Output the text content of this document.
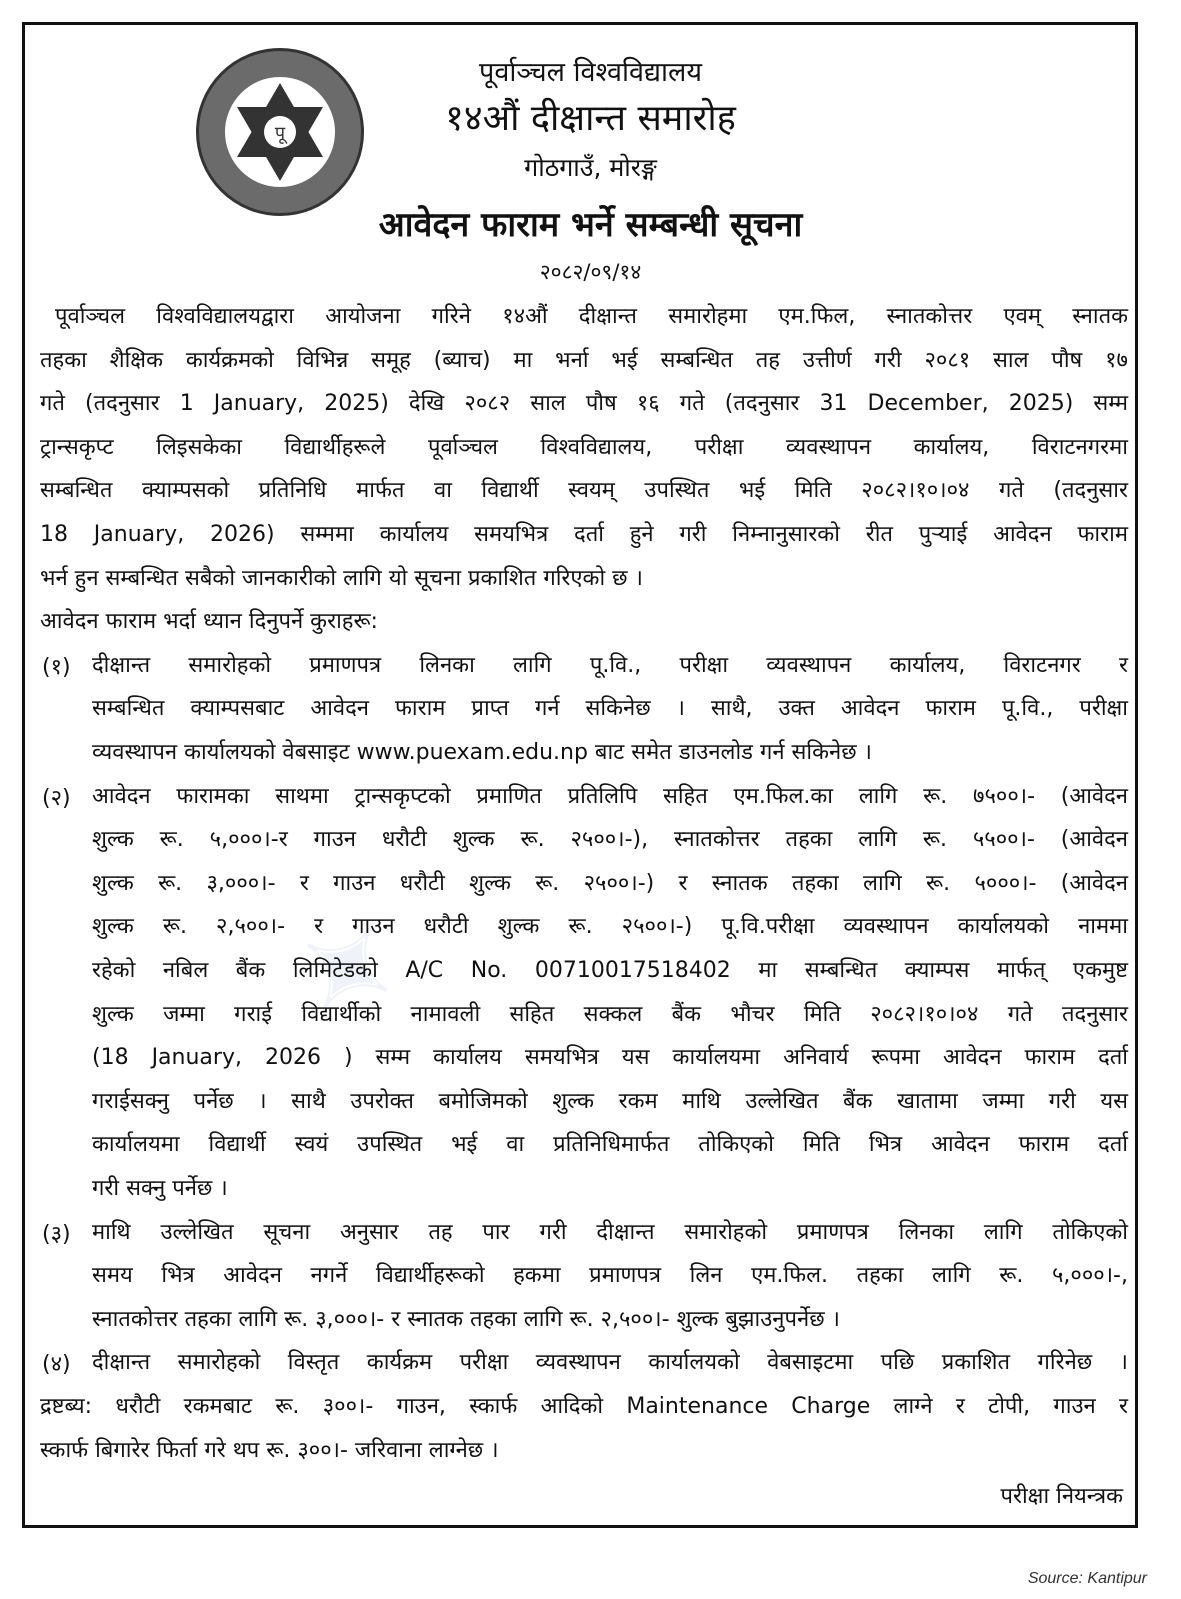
✦
पू
पूर्वाञ्चल विश्वविद्यालय
१४औं दीक्षान्त समारोह
गोठगाउँ, मोरङ्ग
आवेदन फाराम भर्ने सम्बन्धी सूचना
२०८२/०९/१४
पूर्वाञ्चल विश्वविद्यालयद्वारा आयोजना गरिने १४औं दीक्षान्त समारोहमा एम.फिल, स्नातकोत्तर एवम् स्नातक
तहका शैक्षिक कार्यक्रमको विभिन्न समूह (ब्याच) मा भर्ना भई सम्बन्धित तह उत्तीर्ण गरी २०८१ साल पौष १७
गते (तदनुसार 1 January, 2025) देखि २०८२ साल पौष १६ गते (तदनुसार 31 December, 2025) सम्म
ट्रान्सकृप्ट लिइसकेका विद्यार्थीहरूले पूर्वाञ्चल विश्वविद्यालय, परीक्षा व्यवस्थापन कार्यालय, विराटनगरमा
सम्बन्धित क्याम्पसको प्रतिनिधि मार्फत वा विद्यार्थी स्वयम् उपस्थित भई मिति २०८२।१०।०४ गते (तदनुसार
18 January, 2026) सम्ममा कार्यालय समयभित्र दर्ता हुने गरी निम्नानुसारको रीत पुर्‍याई आवेदन फाराम
भर्न हुन सम्बन्धित सबैको जानकारीको लागि यो सूचना प्रकाशित गरिएको छ ।
आवेदन फाराम भर्दा ध्यान दिनुपर्ने कुराहरू:
(१) दीक्षान्त समारोहको प्रमाणपत्र लिनका लागि पू.वि., परीक्षा व्यवस्थापन कार्यालय, विराटनगर र
सम्बन्धित क्याम्पसबाट आवेदन फाराम प्राप्त गर्न सकिनेछ । साथै, उक्त आवेदन फाराम पू.वि., परीक्षा
व्यवस्थापन कार्यालयको वेबसाइट www.puexam.edu.np बाट समेत डाउनलोड गर्न सकिनेछ ।
(२) आवेदन फारामका साथमा ट्रान्सकृप्टको प्रमाणित प्रतिलिपि सहित एम.फिल.का लागि रू. ७५००।- (आवेदन
शुल्क रू. ५,०००।-र गाउन धरौटी शुल्क रू. २५००।-), स्नातकोत्तर तहका लागि रू. ५५००।- (आवेदन
शुल्क रू. ३,०००।- र गाउन धरौटी शुल्क रू. २५००।-) र स्नातक तहका लागि रू. ५०००।- (आवेदन
शुल्क रू. २,५००।- र गाउन धरौटी शुल्क रू. २५००।-) पू.वि.परीक्षा व्यवस्थापन कार्यालयको नाममा
रहेको नबिल बैंक लिमिटेडको A/C No. 00710017518402 मा सम्बन्धित क्याम्पस मार्फत् एकमुष्ट
शुल्क जम्मा गराई विद्यार्थीको नामावली सहित सक्कल बैंक भौचर मिति २०८२।१०।०४ गते तदनुसार
(18 January, 2026 ) सम्म कार्यालय समयभित्र यस कार्यालयमा अनिवार्य रूपमा आवेदन फाराम दर्ता
गराईसक्नु पर्नेछ । साथै उपरोक्त बमोजिमको शुल्क रकम माथि उल्लेखित बैंक खातामा जम्मा गरी यस
कार्यालयमा विद्यार्थी स्वयं उपस्थित भई वा प्रतिनिधिमार्फत तोकिएको मिति भित्र आवेदन फाराम दर्ता
गरी सक्नु पर्नेछ ।
(३) माथि उल्लेखित सूचना अनुसार तह पार गरी दीक्षान्त समारोहको प्रमाणपत्र लिनका लागि तोकिएको
समय भित्र आवेदन नगर्ने विद्यार्थीहरूको हकमा प्रमाणपत्र लिन एम.फिल. तहका लागि रू. ५,०००।-,
स्नातकोत्तर तहका लागि रू. ३,०००।- र स्नातक तहका लागि रू. २,५००।- शुल्क बुझाउनुपर्नेछ ।
(४) दीक्षान्त समारोहको विस्तृत कार्यक्रम परीक्षा व्यवस्थापन कार्यालयको वेबसाइटमा पछि प्रकाशित गरिनेछ ।
द्रष्टब्य: धरौटी रकमबाट रू. ३००।- गाउन, स्कार्फ आदिको Maintenance Charge लाग्ने र टोपी, गाउन र
स्कार्फ बिगारेर फिर्ता गरे थप रू. ३००।- जरिवाना लाग्नेछ ।
परीक्षा नियन्त्रक
Source: Kantipur
